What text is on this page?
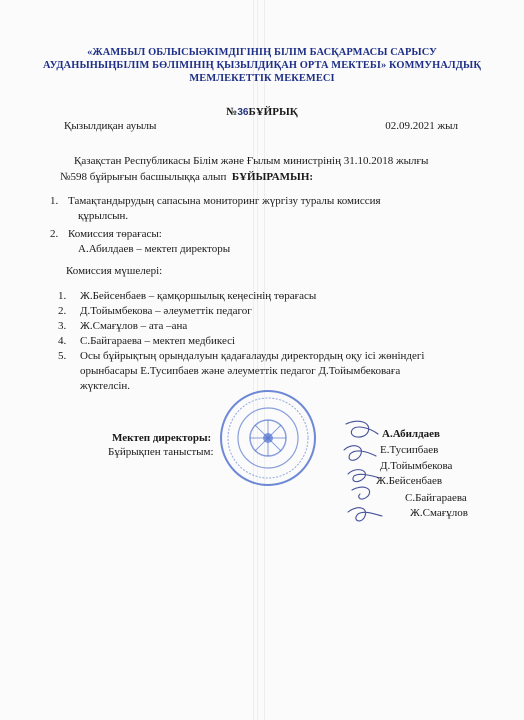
«ЖАМБЫЛ ОБЛЫСЫӘКІМДІГІНІҢ БІЛІМ БАСҚАРМАСЫ САРЫСУ
АУДАНЫНЫҢБІЛІМ БӨЛІМІНІҢ ҚЫЗЫЛДИҚАН ОРТА МЕКТЕБІ» КОММУНАЛДЫҚ
МЕМЛЕКЕТТІК МЕКЕМЕСІ
№36БҰЙРЫҚ
Қызылдиқан ауылы	02.09.2021 жыл
Қазақстан Республикасы Білім және Ғылым министрінің 31.10.2018 жылғы
№598 бұйрығын басшылыққа алып БҰЙЫРАМЫН:
1. Тамақтандырудың сапасына мониторинг жүргізу туралы комиссия
құрылсын.
2. Комиссия төрағасы:
А.Абилдаев – мектеп директоры
Комиссия мүшелері:
1.	Ж.Бейсенбаев – қамқоршылық кеңесінің төрағасы
2.	Д.Тойымбекова – әлеуметтік педагог
3.	Ж.Смағұлов – ата –ана
4.	С.Байгараева – мектеп медбикесі
5.	Осы бұйрықтың орындалуын қадағалауды директордың оқу ісі жөніндегі
орынбасары Е.Тусипбаев және әлеуметтік педагог Д.Тойымбековаға
жүктелсін.
Мектеп директоры:
Бұйрықпен таныстым:
А.Абилдаев
Е.Тусипбаев
Д.Тойымбекова
Ж.Бейсенбаев
С.Байгараева
Ж.Смағұлов
